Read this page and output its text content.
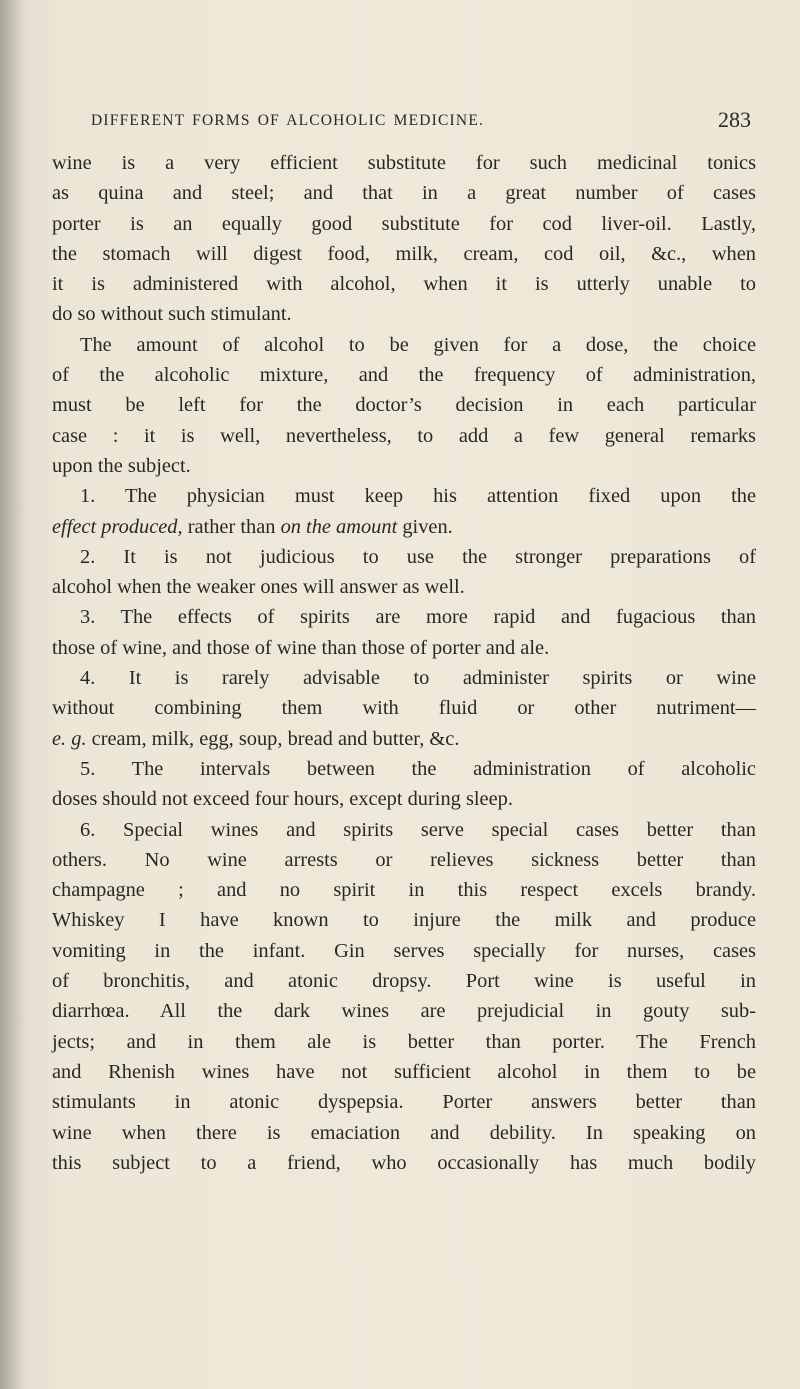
DIFFERENT FORMS OF ALCOHOLIC MEDICINE.	283
wine is a very efficient substitute for such medicinal tonics
as quina and steel; and that in a great number of cases
porter is an equally good substitute for cod liver-oil. Lastly,
the stomach will digest food, milk, cream, cod oil, &c., when
it is administered with alcohol, when it is utterly unable to
do so without such stimulant.
The amount of alcohol to be given for a dose, the choice
of the alcoholic mixture, and the frequency of administration,
must be left for the doctor’s decision in each particular
case : it is well, nevertheless, to add a few general remarks
upon the subject.
1. The physician must keep his attention fixed upon the
effect produced, rather than on the amount given.
2. It is not judicious to use the stronger preparations of
alcohol when the weaker ones will answer as well.
3. The effects of spirits are more rapid and fugacious than
those of wine, and those of wine than those of porter and ale.
4. It is rarely advisable to administer spirits or wine
without combining them with fluid or other nutriment—
e. g. cream, milk, egg, soup, bread and butter, &c.
5. The intervals between the administration of alcoholic
doses should not exceed four hours, except during sleep.
6. Special wines and spirits serve special cases better than
others. No wine arrests or relieves sickness better than
champagne ; and no spirit in this respect excels brandy.
Whiskey I have known to injure the milk and produce
vomiting in the infant. Gin serves specially for nurses, cases
of bronchitis, and atonic dropsy. Port wine is useful in
diarrhœa. All the dark wines are prejudicial in gouty sub-
jects; and in them ale is better than porter. The French
and Rhenish wines have not sufficient alcohol in them to be
stimulants in atonic dyspepsia. Porter answers better than
wine when there is emaciation and debility. In speaking on
this subject to a friend, who occasionally has much bodily
